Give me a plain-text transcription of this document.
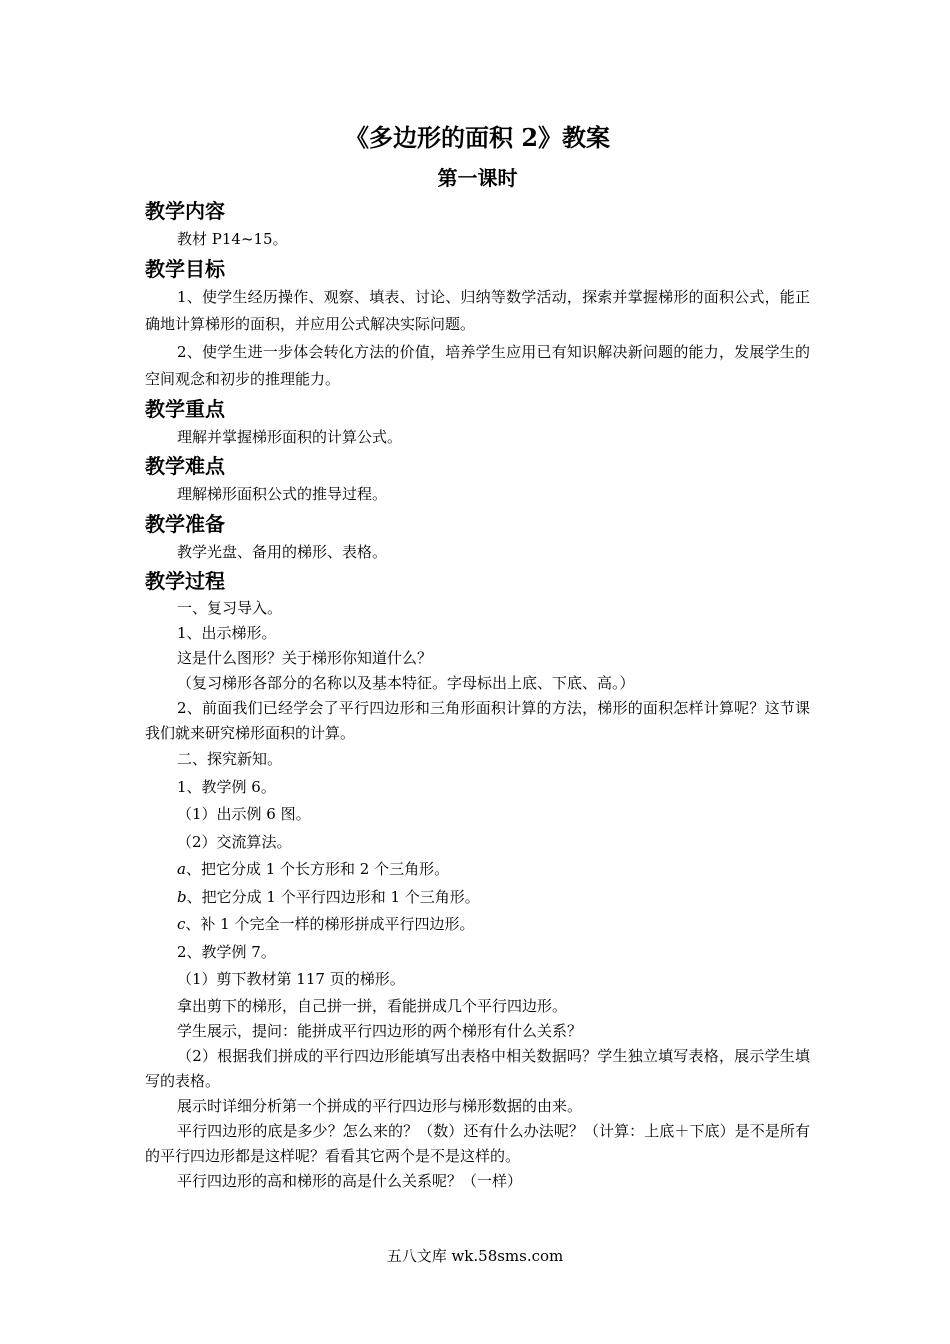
《多边形的面积 2》教案
第一课时
教学内容

教材 P14~15。

教学目标

1、使学生经历操作、观察、填表、讨论、归纳等数学活动，探索并掌握梯形的面积公式，能正确地计算梯形的面积，并应用公式解决实际问题。

2、使学生进一步体会转化方法的价值，培养学生应用已有知识解决新问题的能力，发展学生的空间观念和初步的推理能力。

教学重点

理解并掌握梯形面积的计算公式。

教学难点

理解梯形面积公式的推导过程。

教学准备

教学光盘、备用的梯形、表格。

教学过程

一、复习导入。

1、出示梯形。

这是什么图形？关于梯形你知道什么？

（复习梯形各部分的名称以及基本特征。字母标出上底、下底、高。）

2、前面我们已经学会了平行四边形和三角形面积计算的方法，梯形的面积怎样计算呢？这节课我们就来研究梯形面积的计算。

二、探究新知。

1、教学例 6。

（1）出示例 6 图。

（2）交流算法。

a、把它分成 1 个长方形和 2 个三角形。

b、把它分成 1 个平行四边形和 1 个三角形。

c、补 1 个完全一样的梯形拼成平行四边形。

2、教学例 7。

（1）剪下教材第 117 页的梯形。

拿出剪下的梯形，自己拼一拼，看能拼成几个平行四边形。

学生展示，提问：能拼成平行四边形的两个梯形有什么关系？

（2）根据我们拼成的平行四边形能填写出表格中相关数据吗？学生独立填写表格，展示学生填写的表格。

展示时详细分析第一个拼成的平行四边形与梯形数据的由来。

平行四边形的底是多少？怎么来的？（数）还有什么办法呢？（计算：上底＋下底）是不是所有的平行四边形都是这样呢？看看其它两个是不是这样的。

平行四边形的高和梯形的高是什么关系呢？（一样）

五八文库 wk.58sms.com
